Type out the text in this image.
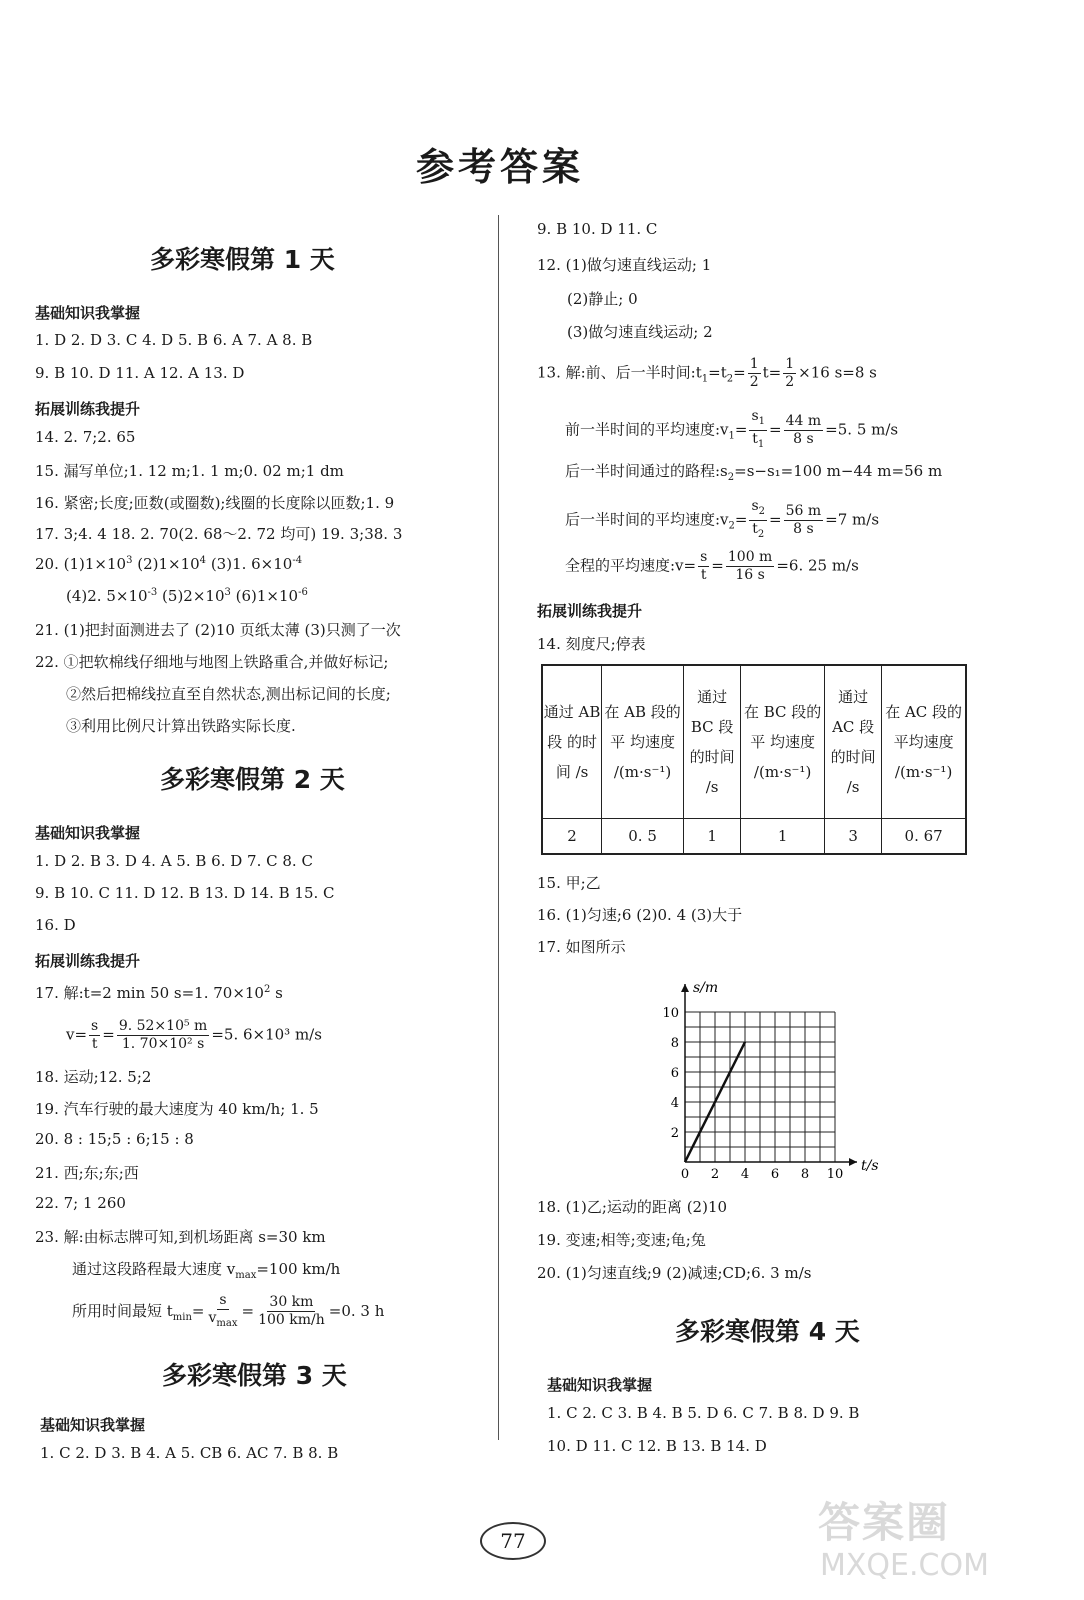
参考答案
多彩寒假第 1 天
基础知识我掌握
1. D 2. D 3. C 4. D 5. B 6. A 7. A 8. B
9. B 10. D 11. A 12. A 13. D
拓展训练我提升
14. 2. 7;2. 65
15. 漏写单位;1. 12 m;1. 1 m;0. 02 m;1 dm
16. 紧密;长度;匝数(或圈数);线圈的长度除以匝数;1. 9
17. 3;4. 4 18. 2. 70(2. 68～2. 72 均可) 19. 3;38. 3
20. $(1)1\times 10^3$ $(2)1\times 10^4$ (3)1. $6\times 10^{-4}$
(4)2. $5\times 10^{-3}$ $(5)2\times 10^3$ $(6)1\times 10^{-6}$
21. (1)把封面测进去了 (2)10 页纸太薄 (3)只测了一次
22. ①把软棉线仔细地与地图上铁路重合,并做好标记;
②然后把棉线拉直至自然状态,测出标记间的长度;
③利用比例尺计算出铁路实际长度.
多彩寒假第 2 天
基础知识我掌握
1. D 2. B 3. D 4. A 5. B 6. D 7. C 8. C
9. B 10. C 11. D 12. B 13. D 14. B 15. C
16. D
拓展训练我提升
17. 解:t=2 min 50 s=1. $70\times 10^2$ s
$v= \frac{s}{t} = \frac{\text{9. 52×10⁵ m}}{\text{1. 70×10² s}} =5$. 6×10³ m/s
18. 运动;12. 5;2
19. 汽车行驶的最大速度为 40 km/h; 1. 5
20. 8 : 15;5 : 6;15 : 8
21. 西;东;东;西
22. 7; 1 260
23. 解:由标志牌可知,到机场距离 s=30 km
通过这段路程最大速度 $v_{max}=100$ km/h
所用时间最短 $t_{min}= \frac{s}{v_{max}} = \frac{30 km}{100 km/h} =0$. 3 h
多彩寒假第 3 天
基础知识我掌握
1. C 2. D 3. B 4. A 5. CB 6. AC 7. B 8. B
9. B 10. D 11. C
12. (1)做匀速直线运动; 1
(2)静止; 0
(3)做匀速直线运动; 2
13. 解:前、后一半时间$:t_1=t_2= \frac{1}{2} t= \frac{1}{2} \times 16$ s=8 s
前一半时间的平均速度$:v_1= \frac{s_1}{t_1} = \frac{44 m}{8 s} =5$. 5 m/s
后一半时间通过的路程$:s_2=s-s_1=100$ m−44 m=56 m
后一半时间的平均速度$:v_2= \frac{s_2}{t_2} = \frac{56 m}{8 s} =7$ m/s
全程的平均速度:v= $\frac{s}{t} = \frac{100 m}{16 s} =6$. 25 m/s
拓展训练我提升
14. 刻度尺;停表
通过 AB 段 的时间 /s	在 AB 段的平 均速度 /(m·s⁻¹)	通过 BC 段 的时间 /s	在 BC 段的平 均速度 /(m·s⁻¹)	通过 AC 段 的时间 /s	在 AC 段的 平均速度 /(m·s⁻¹)
2	0. 5	1	1	3	0. 67
15. 甲;乙
16. (1)匀速;6 (2)0. 4 (3)大于
17. 如图所示
0 2 4 6 8 10
2
4
6
8
10
t/s
s/m
18. (1)乙;运动的距离 (2)10
19. 变速;相等;变速;龟;兔
20. (1)匀速直线;9 (2)减速;CD;6. 3 m/s
多彩寒假第 4 天
基础知识我掌握
1. C 2. C 3. B 4. B 5. D 6. C 7. B 8. D 9. B
10. D 11. C 12. B 13. B 14. D
77	答案圈
MXQE.COM
